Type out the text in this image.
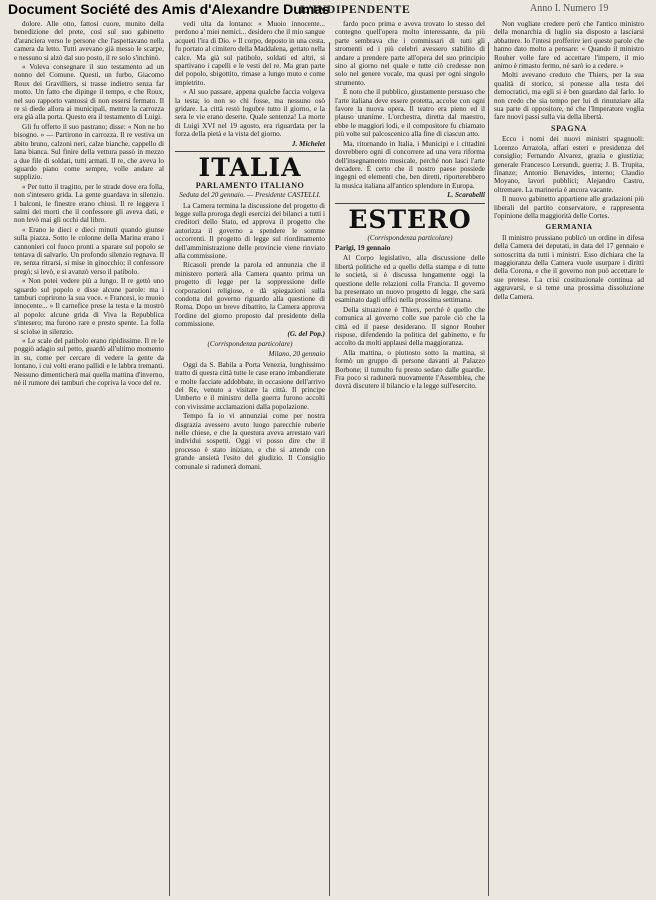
Document Société des Amis d'Alexandre Dumas
L'INDIPENDENTE	Anno I. Numero 19

dolore. Alle otto, fattosi cuore, munito della benedizione del prete, così sul suo gabinetto d'aranciera verso le persone che l'aspettavano nella camera da letto. Tutti avevano già messo le scarpe, e nessuno si alzò dal suo posto, il re solo s'inchinò.

« Voleva consegnare il suo testamento ad un nonno del Comune. Questi, un furbo, Giacomo Roux dei Gravilliers, si trasse indietro senza far motto. Un fatto che dipinge il tempo, e che Roux, nel suo rapporto vantossi di non essersi fermato. Il re si diede allora ai municipali, mentre la carrozza era già alla porta. Questo era il testamento di Luigi.

Gli fu offerto il suo pastrano; disse: « Non ne ho bisogno. » — Partirono in carrozza. Il re vestiva un abito bruno, calzoni neri, calze bianche, cappello di lana bianca. Sul finire della vettura passò in mezzo a due file di soldati, tutti armati. Il re, che aveva lo sguardo piano come sempre, volle andare al supplizio.

« Per tutto il tragitto, per le strade dove era folla, non s'intesero grida. La gente guardava in silenzio. I balconi, le finestre erano chiusi. Il re leggeva i salmi dei morti che il confessore gli aveva dati, e non levò mai gli occhi dal libro.

« Erano le dieci e dieci minuti quando giunse sulla piazza. Sotto le colonne della Marina erano i cannonieri col fuoco pronti a sparare sul popolo se tentava di salvarlo. Un profondo silenzio regnava. Il re, senza ritrarsi, si mise in ginocchio; il confessore pregò; si levò, e si avanzò verso il patibolo.

« Non potei vedere più a lungo. Il re gettò uno sguardo sul popolo e disse alcune parole: ma i tamburi coprirono la sua voce. « Francesi, io muoio innocente... » Il carnefice prese la testa e la mostrò al popolo: alcune grida di Viva la Repubblica s'intesero; ma furono rare e presto spente. La folla si sciolse in silenzio.

« Le scale del patibolo erano ripidissime. Il re le poggiò adagio sul petto, guardò all'ultimo momento in su, come per cercare di vedere la gente da lontano, i cui volti erano pallidi e le labbra tremanti. Nessuno dimenticherà mai quella mattina d'inverno, né il rumore dei tamburi che copriva la voce del re.

vedi ulta da lontano: « Muoio innocente... perdono a' miei nemici... desidero che il mio sangue acqueti l'ira di Dio. » Il corpo, deposto in una cesta, fu portato al cimitero della Maddalena, gettato nella calce. Ma già sul patibolo, soldati ed altri, si spartivano i capelli e le vesti del re. Ma gran parte del popolo, sbigottito, rimase a lungo muto e come impietrito.

« Al suo passare, appena qualche faccia volgeva la testa; io non so chi fosse, ma nessuno osò gridare. La città restò lugubre tutto il giorno, e la sera le vie erano deserte. Quale sentenza! La morte di Luigi XVI nel 19 agosto, era riguardata per la forza della pietà e la vista del giorno.

J. Michelet
ITALIA
PARLAMENTO ITALIANO
Seduta del 20 gennaio. — Presidente CASTELLI.

La Camera termina la discussione del progetto di legge sulla proroga degli esercizi dei bilanci a tutti i creditori dello Stato, ed approva il progetto che autorizza il governo a spendere le somme occorrenti. Il progetto di legge sul riordinamento dell'amministrazione delle provincie viene rinviato alla commissione.

Ricasoli prende la parola ed annunzia che il ministero porterà alla Camera quanto prima un progetto di legge per la soppressione delle corporazioni religiose, e dà spiegazioni sulla condotta del governo riguardo alla questione di Roma. Dopo un breve dibattito, la Camera approva l'ordine del giorno proposto dal presidente della commissione.

(G. del Pop.)
(Corrispondenza particolare)
Milano, 20 gennaio

Oggi da S. Babila a Porta Venezia, lunghissimo tratto di questa città tutte le case erano imbandierate e molte facciate addobbate, in occasione dell'arrivo del Re, venuto a visitare la città. Il principe Umberto e il ministro della guerra furono accolti con vivissime acclamazioni dalla popolazione.

Tempo fa io vi annunziai come per nostra disgrazia avessero avuto luogo parecchie ruberie nelle chiese, e che la questura aveva arrestato vari individui sospetti. Oggi vi posso dire che il processo è stato iniziato, e che si attende con grande ansietà l'esito del giudizio. Il Consiglio comunale si radunerà domani.

fardo poco prima e aveva trovato lo stesso del contegno quell'opera molto interessante, da più parte sembrava che i commissari di tutti gli stromenti ed i più celebri avessero stabilito di andare a prendere parte all'opera del suo principio sino al giorno nel quale e tutte ciò credesse non solo nel genere vocale, ma quasi per ogni singolo strumento.

È noto che il pubblico, giustamente persuaso che l'arte italiana deve essere protetta, accolse con ogni favore la nuova opera. Il teatro era pieno ed il plauso unanime. L'orchestra, diretta dal maestro, ebbe le maggiori lodi, e il compositore fu chiamato più volte sul palcoscenico alla fine di ciascun atto.

Ma, ritornando in Italia, i Municipi e i cittadini dovrebbero ogni dì concorrere ad una vera riforma dell'insegnamento musicale, perché non lasci l'arte decadere. È certo che il nostro paese possiede ingegni ed elementi che, ben diretti, riporterebbero la musica italiana all'antico splendore in Europa.

L. Scarabelli
ESTERO
(Corrispondenza particolare)
Parigi, 19 gennaio

Al Corpo legislativo, alla discussione delle libertà politiche ed a quello della stampa e di tutte le società, si è discussa lungamente oggi la questione delle relazioni colla Francia. Il governo ha presentato un nuovo progetto di legge, che sarà esaminato dagli uffici nella prossima settimana.

Della situazione è Thiers, perché è quello che comunica al governo colle sue parole ciò che la città ed il paese desiderano. Il signor Rouher rispose, difendendo la politica del gabinetto, e fu accolto da molti applausi della maggioranza.

Alla mattina, o piuttosto sotto la mattina, si formò un gruppo di persone davanti al Palazzo Borbone; il tumulto fu presto sedato dalle guardie. Fra poco si radunerà nuovamente l'Assemblea, che dovrà discutere il bilancio e la legge sull'esercito.

Non vogliate credere però che l'antico ministro della monarchia di luglio sia disposto a lasciarsi abbattere. Io l'intesi profferire ieri queste parole che hanno dato molto a pensare: « Quando il ministro Rouher volle fare ed accettare l'impero, il mio animo è rimasto fermo, né sarò io a cedere. »

Molti avevano creduto che Thiers, per la sua qualità di storico, si ponesse alla testa dei democratici, ma egli si è ben guardato dal farlo. Io non credo che sia tempo per lui di rinunziare alla sua parte di oppositore, né che l'Imperatore voglia fare nuovi passi sulla via della libertà.

SPAGNA

Ecco i nomi dei nuovi ministri spagnuoli: Lorenzo Arrazola, affari esteri e presidenza del consiglio; Fernando Alvarez, grazia e giustizia; generale Francesco Lersundi, guerra; J. B. Trupita, finanze; Antonio Benavides, interno; Claudio Moyano, lavori pubblici; Alejandro Castro, oltremare. La marineria è ancora vacante.

Il nuovo gabinetto appartiene alle gradazioni più liberali del partito conservatore, e rappresenta l'opinione della maggiorità delle Cortes.

GERMANIA

Il ministro prussiano publicò un ordine in difesa della Camera dei deputati, in data del 17 gennaio e sottoscritta da tutti i ministri. Esso dichiara che la maggioranza della Camera vuole usurpare i diritti della Corona, e che il governo non può accettare le sue pretese. La crisi costituzionale continua ad aggravarsi, e si teme una prossima dissoluzione della Camera.
